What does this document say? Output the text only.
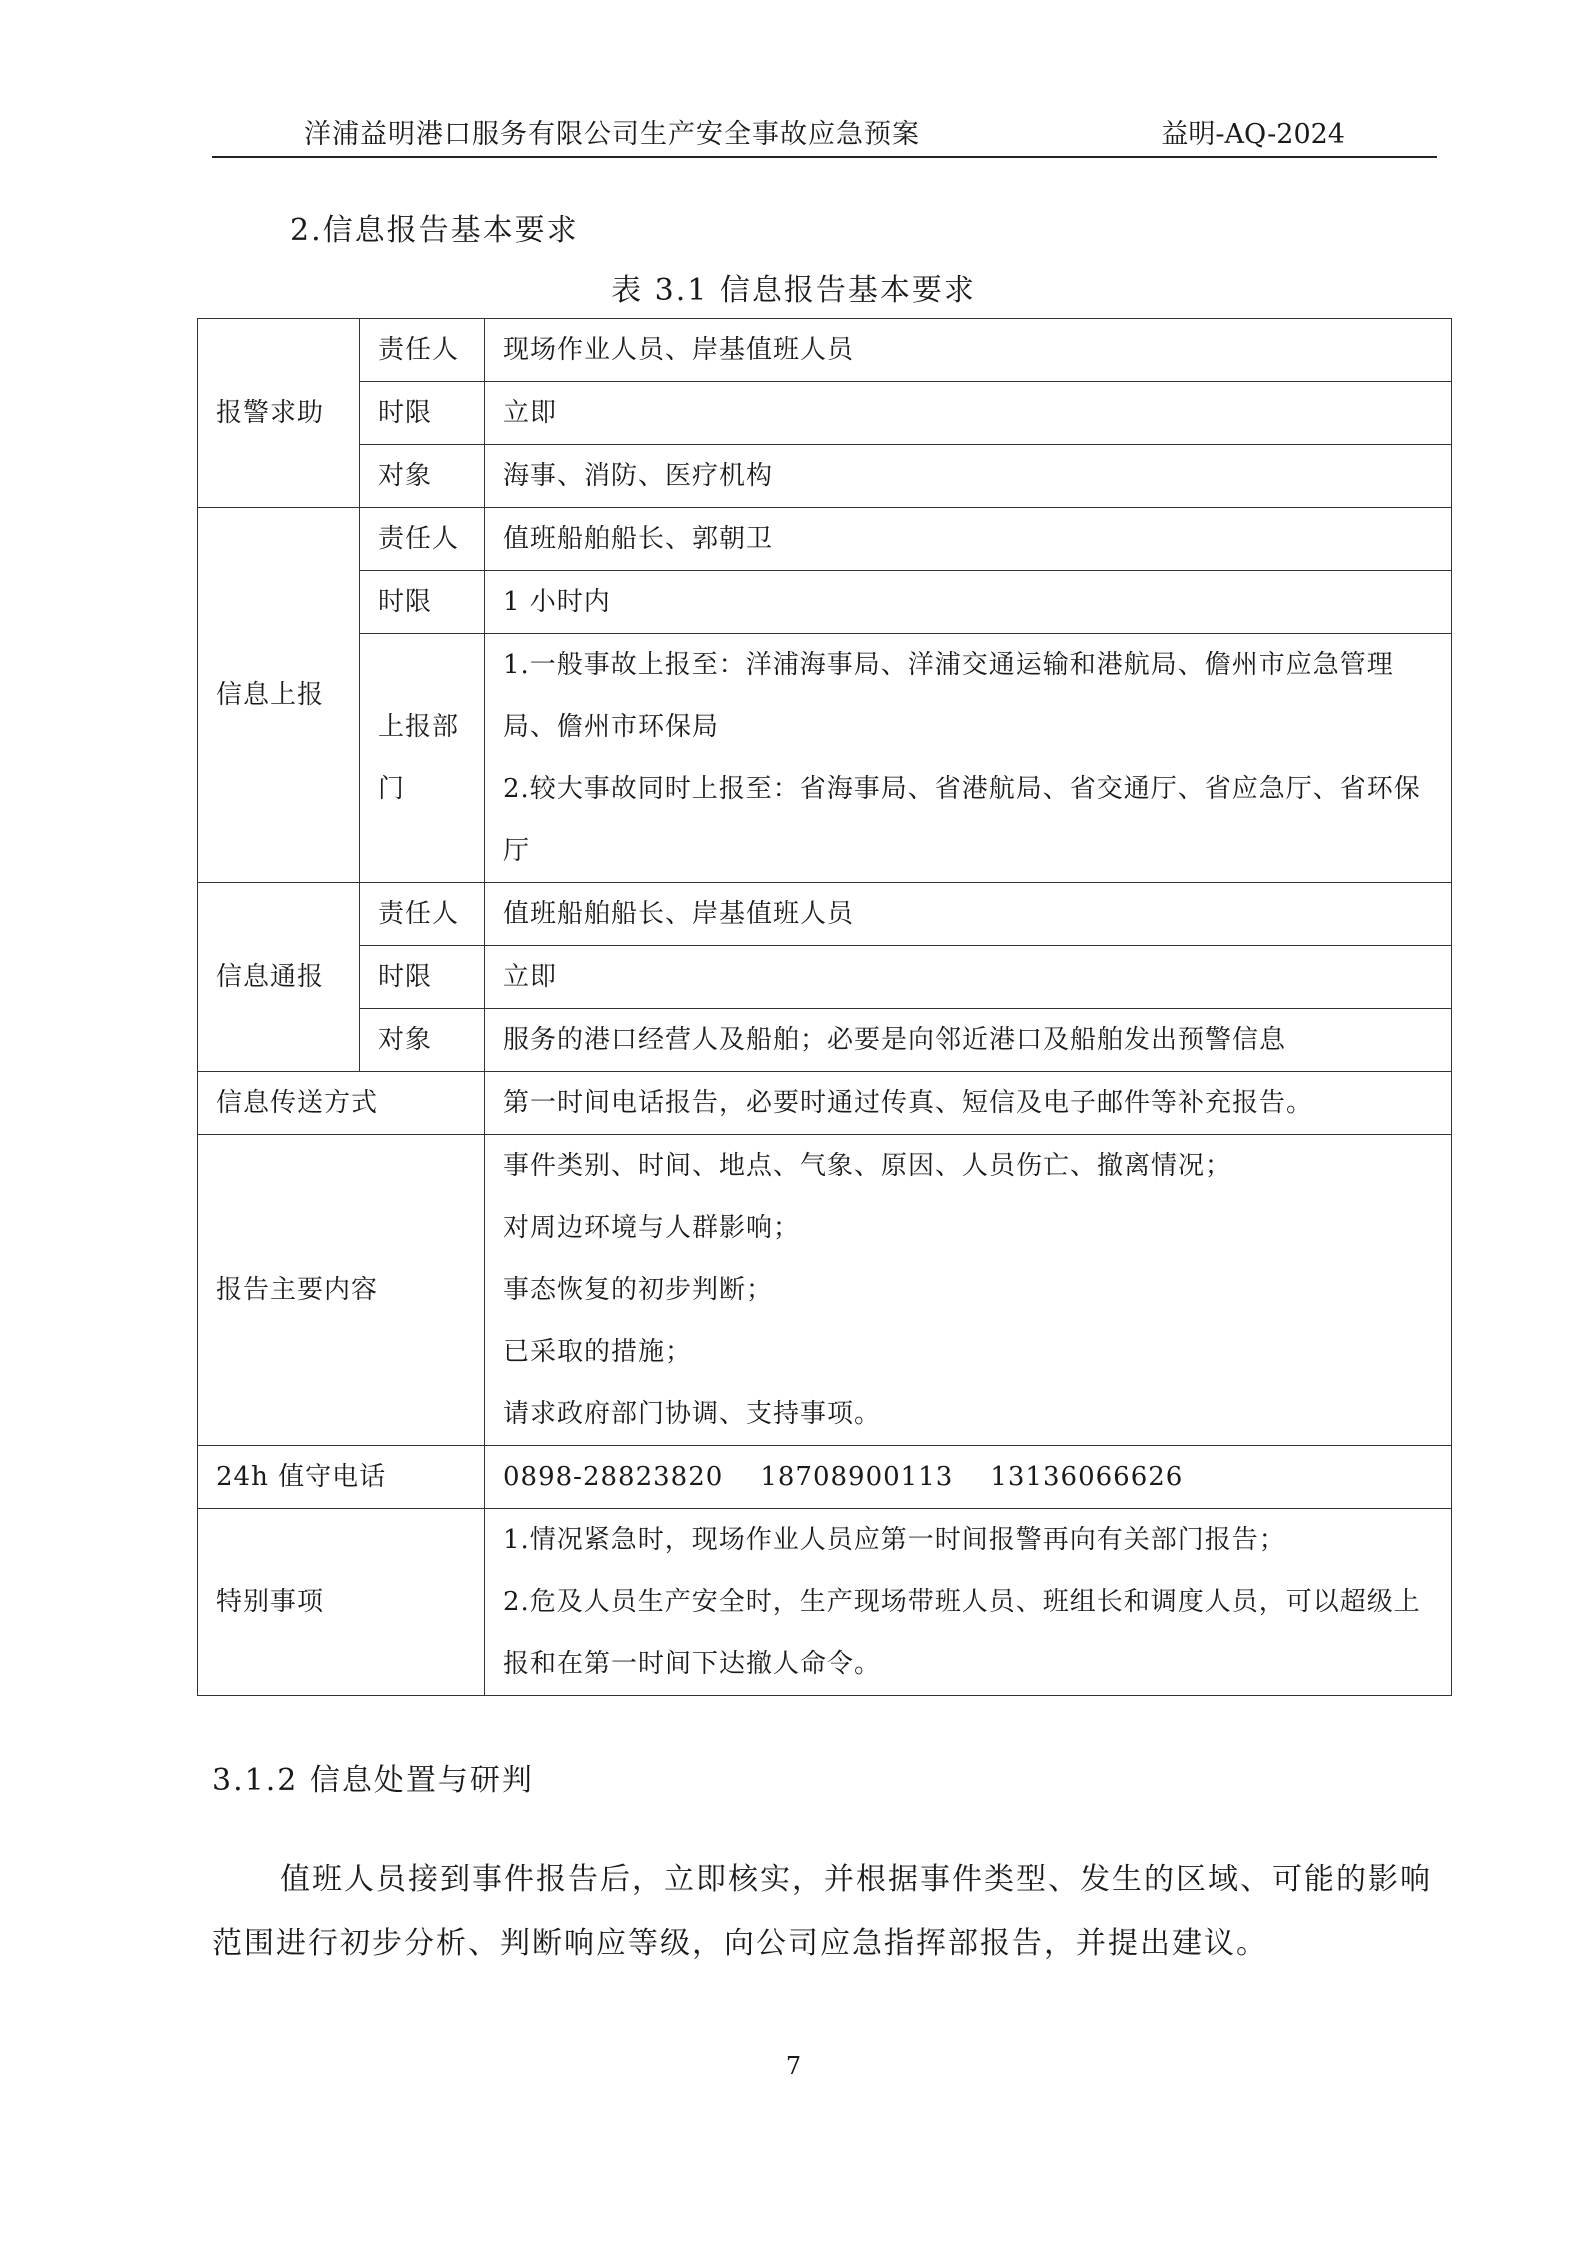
洋浦益明港口服务有限公司生产安全事故应急预案	益明-AQ-2024
2.信息报告基本要求
表 3.1 信息报告基本要求
报警求助	责任人	现场作业人员、岸基值班人员
	时限	立即
	对象	海事、消防、医疗机构
信息上报	责任人	值班船舶船长、郭朝卫
	时限	1 小时内
	上报部门	1.一般事故上报至：洋浦海事局、洋浦交通运输和港航局、儋州市应急管理局、儋州市环保局
2.较大事故同时上报至：省海事局、省港航局、省交通厅、省应急厅、省环保厅

信息通报	责任人	值班船舶船长、岸基值班人员
	时限	立即
	对象	服务的港口经营人及船舶；必要是向邻近港口及船舶发出预警信息
信息传送方式		第一时间电话报告，必要时通过传真、短信及电子邮件等补充报告。
报告主要内容		事件类别、时间、地点、气象、原因、人员伤亡、撤离情况；
对周边环境与人群影响；
事态恢复的初步判断；
已采取的措施；
请求政府部门协调、支持事项。

24h 值守电话		0898-28823820    18708900113    13136066626
特别事项		1.情况紧急时，现场作业人员应第一时间报警再向有关部门报告；
2.危及人员生产安全时，生产现场带班人员、班组长和调度人员，可以超级上报和在第一时间下达撤人命令。
3.1.2 信息处置与研判
值班人员接到事件报告后，立即核实，并根据事件类型、发生的区域、可能的影响范围进行初步分析、判断响应等级，向公司应急指挥部报告，并提出建议。
7
